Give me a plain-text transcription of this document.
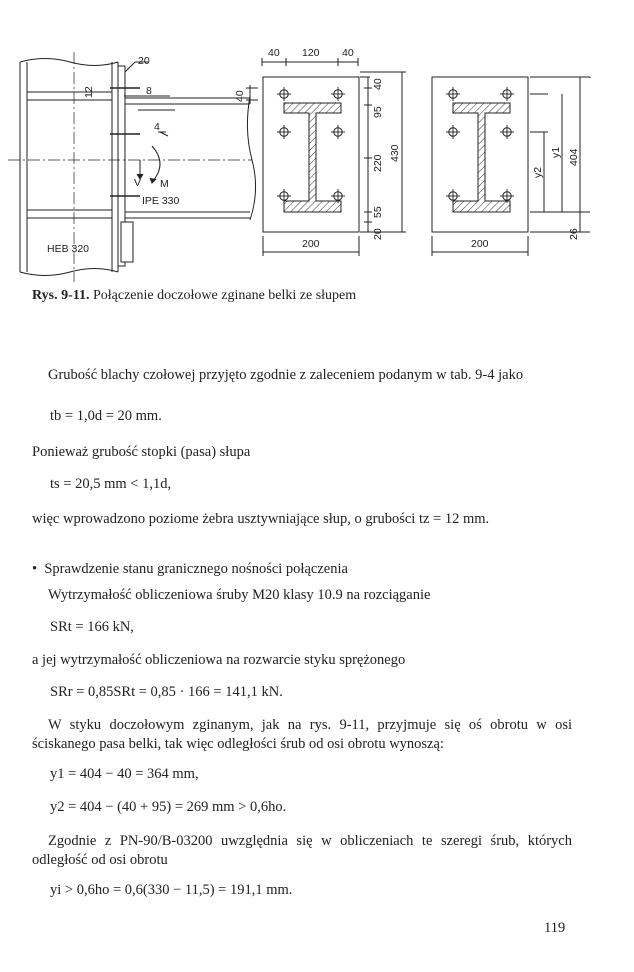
20
12	8
4
V M
IPE 330
HEB 320
40 120 40
40
40
95
220
55
20
430
200
y2
y1 404
26
200
Rys. 9-11. Połączenie doczołowe zginane belki ze słupem
Grubość blachy czołowej przyjęto zgodnie z zaleceniem podanym w tab. 9-4 jako
tb = 1,0d = 20 mm.
Ponieważ grubość stopki (pasa) słupa
ts = 20,5 mm < 1,1d,
więc wprowadzono poziome żebra usztywniające słup, o grubości tz = 12 mm.
•  Sprawdzenie stanu granicznego nośności połączenia
Wytrzymałość obliczeniowa śruby M20 klasy 10.9 na rozciąganie
SRt = 166 kN,
a jej wytrzymałość obliczeniowa na rozwarcie styku sprężonego
SRr = 0,85SRt = 0,85 · 166 = 141,1 kN.
W styku doczołowym zginanym, jak na rys. 9-11, przyjmuje się oś obrotu w osi ściskanego pasa belki, tak więc odległości śrub od osi obrotu wynoszą:
y1 = 404 − 40 = 364 mm,
y2 = 404 − (40 + 95) = 269 mm > 0,6ho.
Zgodnie z PN-90/B-03200 uwzględnia się w obliczeniach te szeregi śrub, których odległość od osi obrotu
yi > 0,6ho = 0,6(330 − 11,5) = 191,1 mm.
119
